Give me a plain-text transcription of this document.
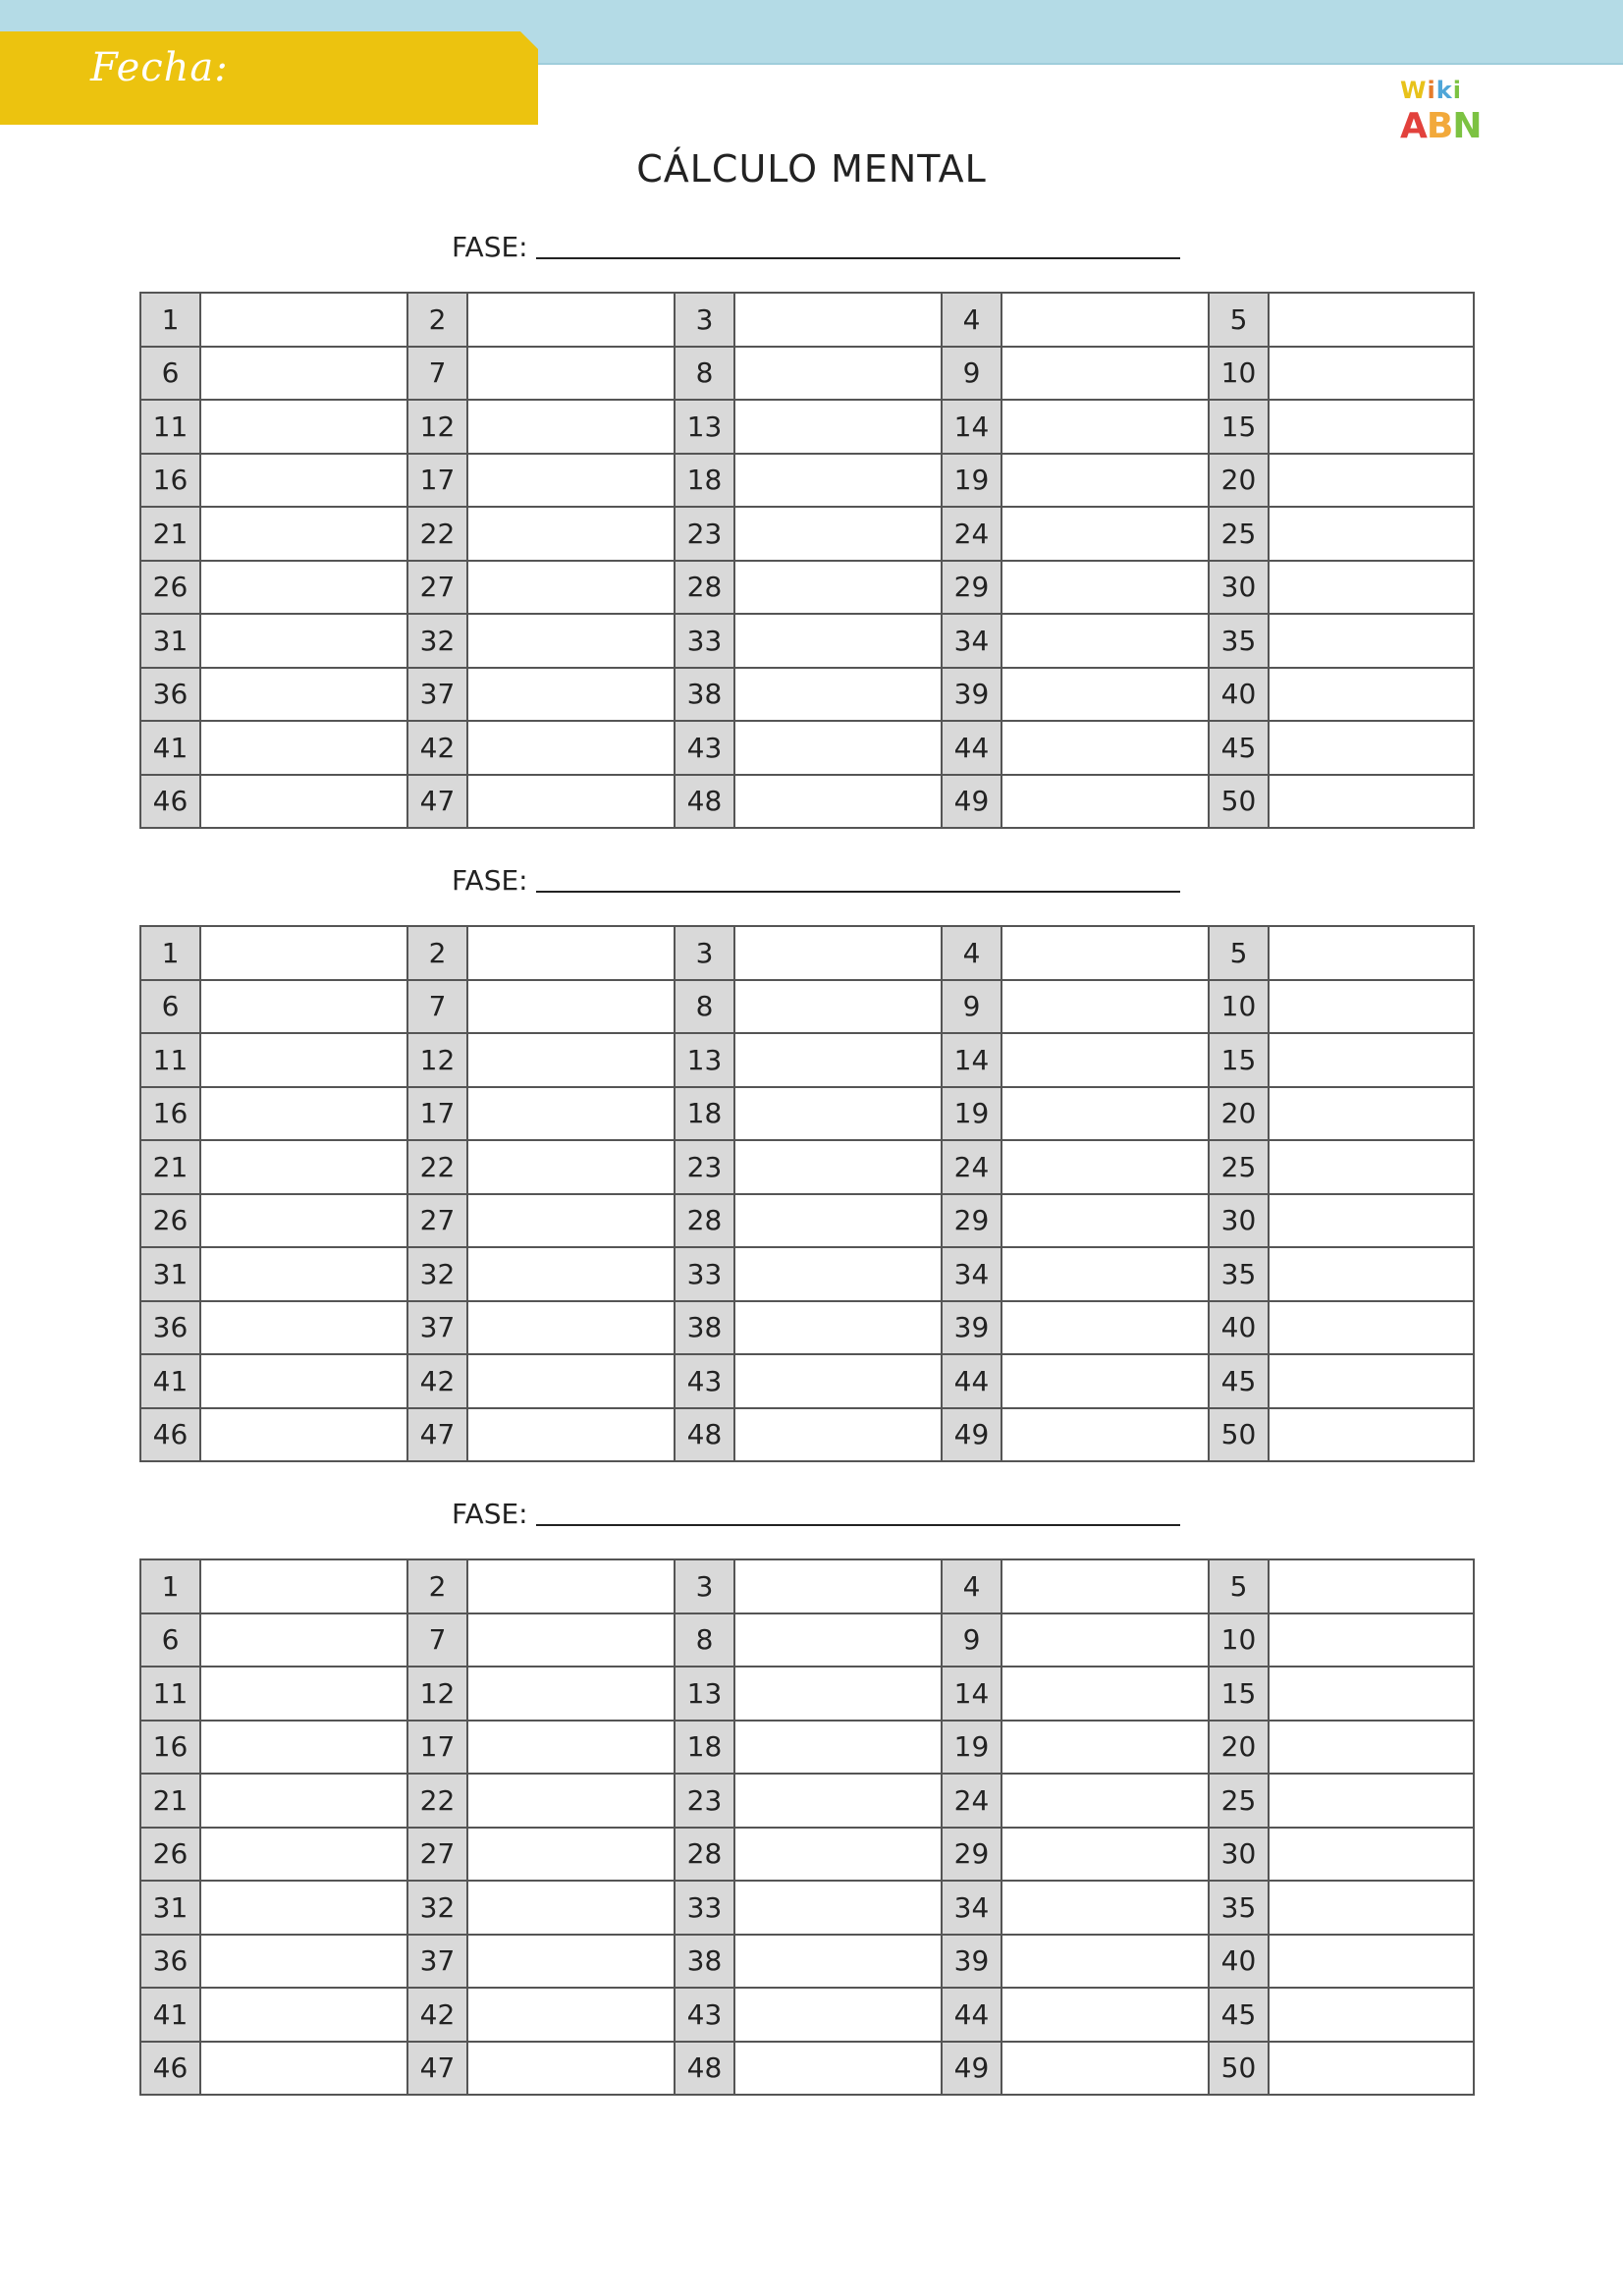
Fecha:	Wiki
ABN
CÁLCULO MENTAL
FASE:
1		2		3		4		5	
6		7		8		9		10	
11		12		13		14		15	
16		17		18		19		20	
21		22		23		24		25	
26		27		28		29		30	
31		32		33		34		35	
36		37		38		39		40	
41		42		43		44		45	
46		47		48		49		50	
FASE:
1		2		3		4		5	
6		7		8		9		10	
11		12		13		14		15	
16		17		18		19		20	
21		22		23		24		25	
26		27		28		29		30	
31		32		33		34		35	
36		37		38		39		40	
41		42		43		44		45	
46		47		48		49		50	
FASE:
1		2		3		4		5	
6		7		8		9		10	
11		12		13		14		15	
16		17		18		19		20	
21		22		23		24		25	
26		27		28		29		30	
31		32		33		34		35	
36		37		38		39		40	
41		42		43		44		45	
46		47		48		49		50	
